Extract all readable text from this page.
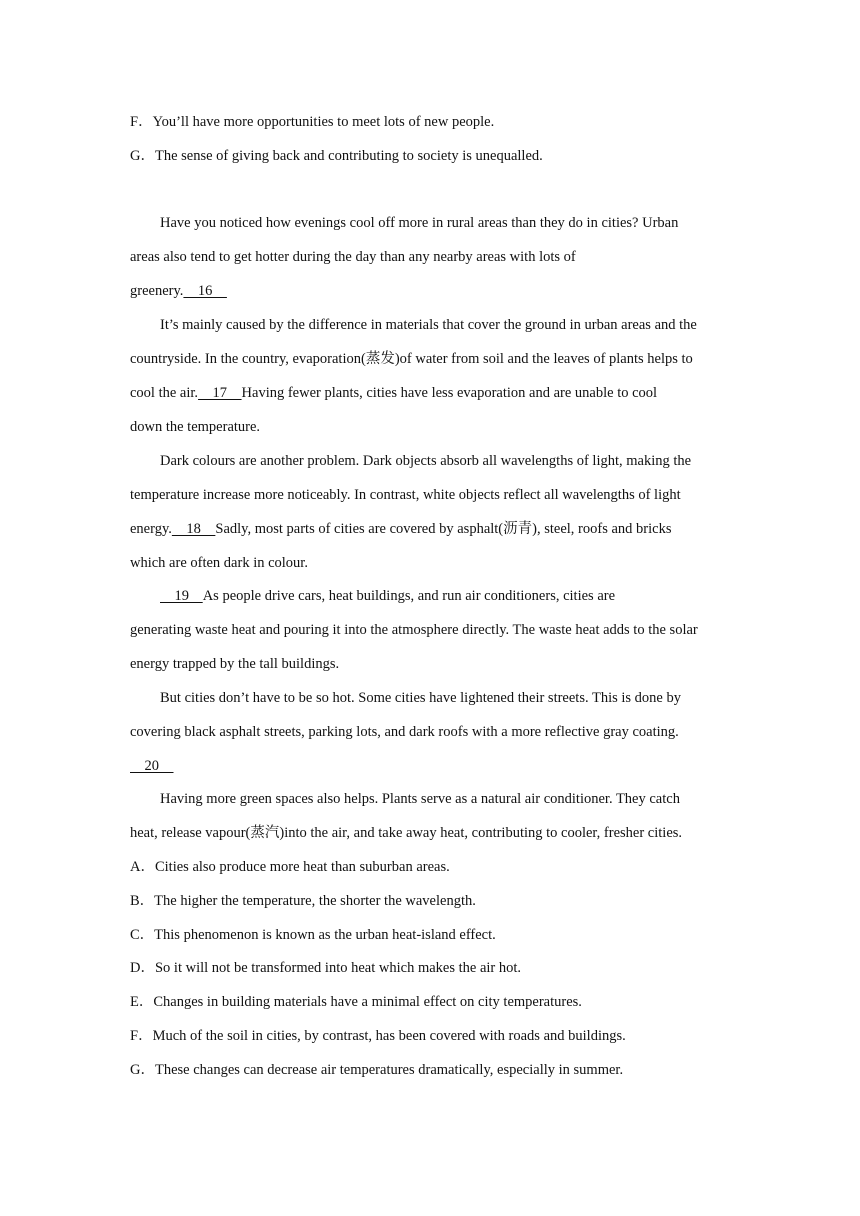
F．You’ll have more opportunities to meet lots of new people.
G．The sense of giving back and contributing to society is unequalled.
Have you noticed how evenings cool off more in rural areas than they do in cities? Urban
areas also tend to get hotter during the day than any nearby areas with lots of
greenery.    16
It’s mainly caused by the difference in materials that cover the ground in urban areas and the
countryside. In the country, evaporation(蒸发)of water from soil and the leaves of plants helps to
cool the air.    17    Having fewer plants, cities have less evaporation and are unable to cool
down the temperature.
Dark colours are another problem. Dark objects absorb all wavelengths of light, making the
temperature increase more noticeably. In contrast, white objects reflect all wavelengths of light
energy.    18    Sadly, most parts of cities are covered by asphalt(沥青), steel, roofs and bricks
which are often dark in colour.
19    As people drive cars, heat buildings, and run air conditioners, cities are
generating waste heat and pouring it into the atmosphere directly. The waste heat adds to the solar
energy trapped by the tall buildings.
But cities don’t have to be so hot. Some cities have lightened their streets. This is done by
covering black asphalt streets, parking lots, and dark roofs with a more reflective gray coating.
20
Having more green spaces also helps. Plants serve as a natural air conditioner. They catch
heat, release vapour(蒸汽)into the air, and take away heat, contributing to cooler, fresher cities.
A．Cities also produce more heat than suburban areas.
B．The higher the temperature, the shorter the wavelength.
C．This phenomenon is known as the urban heat-island effect.
D．So it will not be transformed into heat which makes the air hot.
E．Changes in building materials have a minimal effect on city temperatures.
F．Much of the soil in cities, by contrast, has been covered with roads and buildings.
G．These changes can decrease air temperatures dramatically, especially in summer.
